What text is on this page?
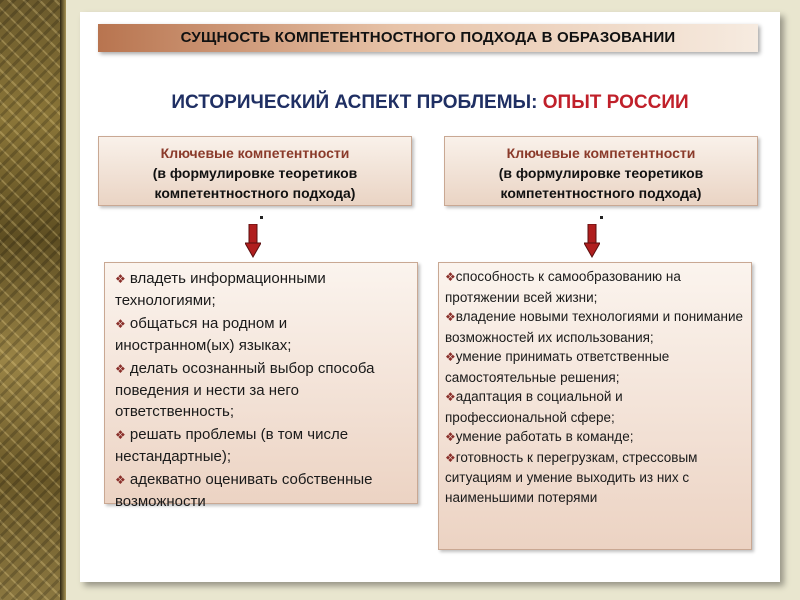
СУЩНОСТЬ КОМПЕТЕНТНОСТНОГО ПОДХОДА В ОБРАЗОВАНИИ
ИСТОРИЧЕСКИЙ АСПЕКТ ПРОБЛЕМЫ: ОПЫТ РОССИИ
Ключевые компетентности
(в формулировке теоретиков
компетентностного подхода)
Ключевые компетентности
(в формулировке теоретиков
компетентностного подхода)
❖ владеть информационными технологиями;
❖ общаться на родном и иностранном(ых) языках;
❖ делать осознанный выбор способа поведения и нести за него ответственность;
❖ решать проблемы (в том числе нестандартные);
❖ адекватно оценивать собственные возможности
❖способность к самообразованию на протяжении всей жизни;
❖владение новыми технологиями и понимание возможностей их использования;
❖умение принимать ответственные самостоятельные решения;
❖адаптация в социальной и профессиональной сфере;
❖умение работать в команде;
❖готовность к перегрузкам, стрессовым ситуациям и умение выходить из них с наименьшими потерями
